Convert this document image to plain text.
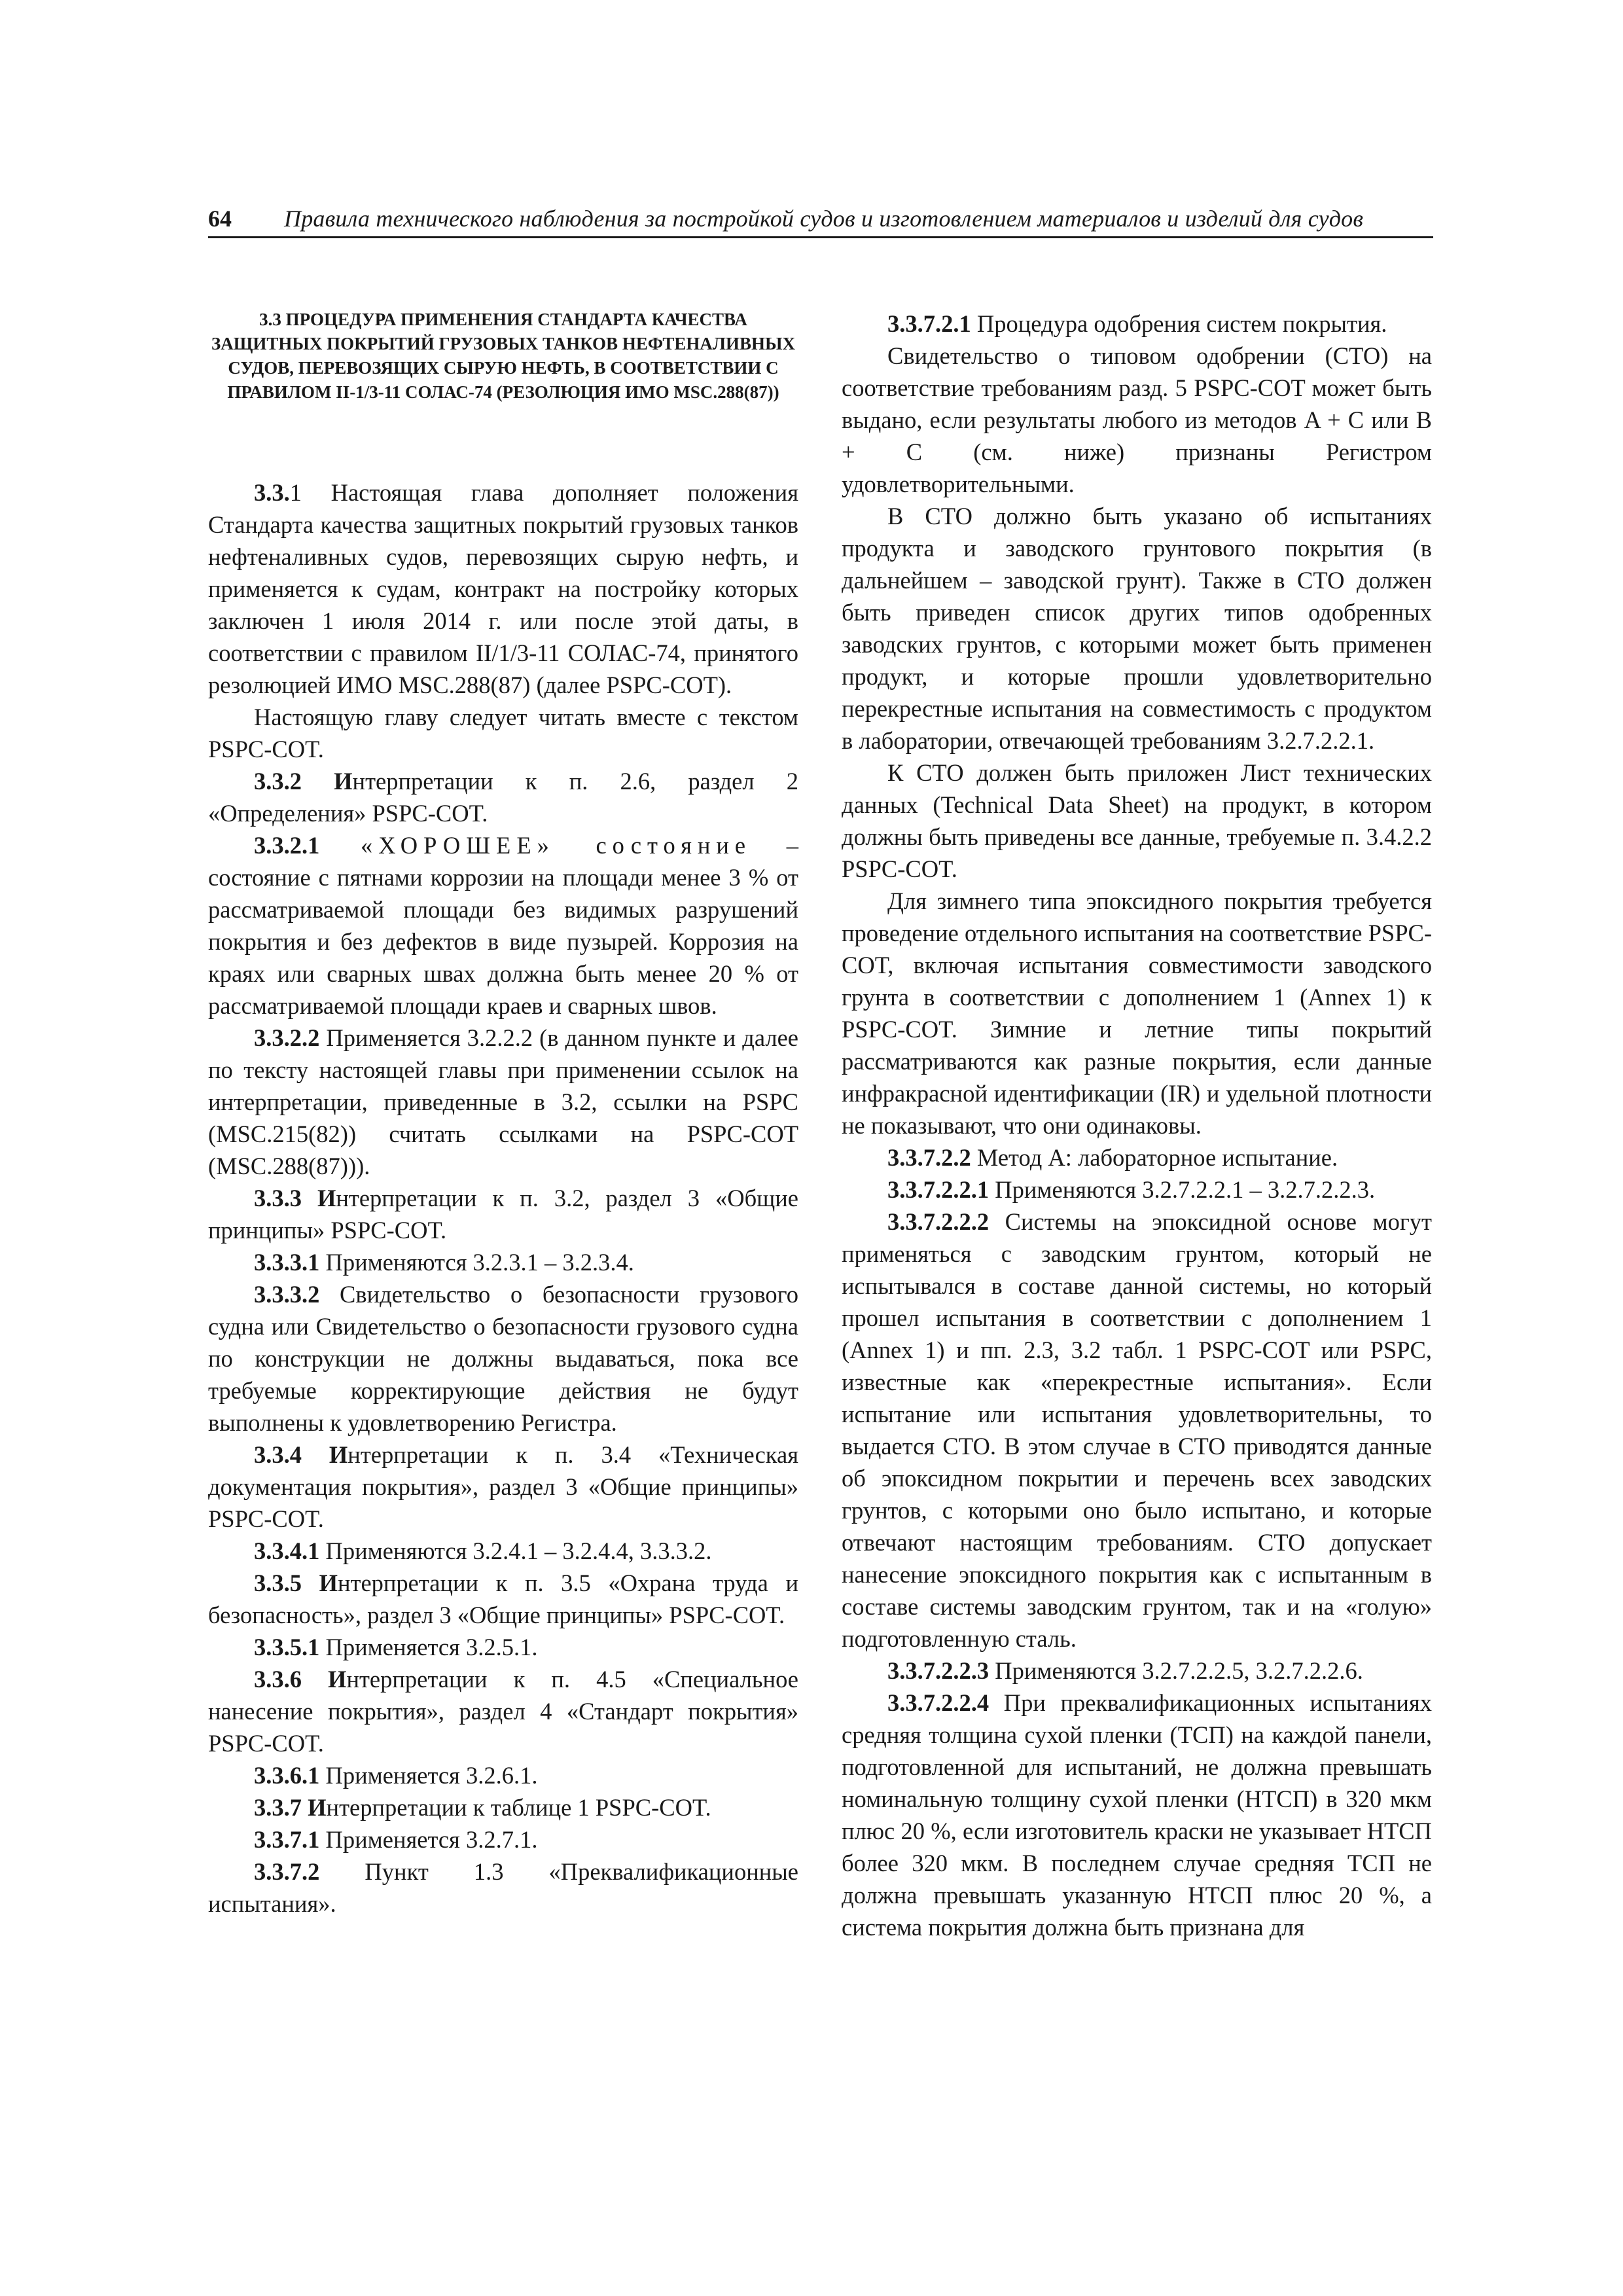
64 Правила технического наблюдения за постройкой судов и изготовлением материалов и изделий для судов
3.3 ПРОЦЕДУРА ПРИМЕНЕНИЯ СТАНДАРТА КАЧЕСТВА ЗАЩИТНЫХ ПОКРЫТИЙ ГРУЗОВЫХ ТАНКОВ НЕФТЕНАЛИВНЫХ СУДОВ, ПЕРЕВОЗЯЩИХ СЫРУЮ НЕФТЬ, В СООТВЕТСТВИИ С ПРАВИЛОМ II-1/3-11 СОЛАС-74 (РЕЗОЛЮЦИЯ ИМО MSC.288(87))

3.3.1 Настоящая глава дополняет положения Стандарта качества защитных покрытий грузовых танков нефтеналивных судов, перевозящих сырую нефть, и применяется к судам, контракт на постройку которых заключен 1 июля 2014 г. или после этой даты, в соответствии с правилом II/1/3-11 СОЛАС-74, принятого резолюцией ИМО MSC.288(87) (далее PSPC-COT).

Настоящую главу следует читать вместе с текстом PSPC-COT.

3.3.2 Интерпретации к п. 2.6, раздел 2 «Определения» PSPC-COT.

3.3.2.1 «ХОРОШЕЕ» состояние – состояние с пятнами коррозии на площади менее 3 % от рассматриваемой площади без видимых разрушений покрытия и без дефектов в виде пузырей. Коррозия на краях или сварных швах должна быть менее 20 % от рассматриваемой площади краев и сварных швов.

3.3.2.2 Применяется 3.2.2.2 (в данном пункте и далее по тексту настоящей главы при применении ссылок на интерпретации, приведенные в 3.2, ссылки на PSPC (MSC.215(82)) считать ссылками на PSPC-COT (MSC.288(87))).

3.3.3 Интерпретации к п. 3.2, раздел 3 «Общие принципы» PSPC-COT.

3.3.3.1 Применяются 3.2.3.1 – 3.2.3.4.

3.3.3.2 Свидетельство о безопасности грузового судна или Свидетельство о безопасности грузового судна по конструкции не должны выдаваться, пока все требуемые корректирующие действия не будут выполнены к удовлетворению Регистра.

3.3.4 Интерпретации к п. 3.4 «Техническая документация покрытия», раздел 3 «Общие принципы» PSPC-COT.

3.3.4.1 Применяются 3.2.4.1 – 3.2.4.4, 3.3.3.2.

3.3.5 Интерпретации к п. 3.5 «Охрана труда и безопасность», раздел 3 «Общие принципы» PSPC-COT.

3.3.5.1 Применяется 3.2.5.1.

3.3.6 Интерпретации к п. 4.5 «Специальное нанесение покрытия», раздел 4 «Стандарт покрытия» PSPC-COT.

3.3.6.1 Применяется 3.2.6.1.

3.3.7 Интерпретации к таблице 1 PSPC-COT.

3.3.7.1 Применяется 3.2.7.1.

3.3.7.2 Пункт 1.3 «Преквалификационные испытания».

3.3.7.2.1 Процедура одобрения систем покрытия.

Свидетельство о типовом одобрении (СТО) на соответствие требованиям разд. 5 PSPC-COT может быть выдано, если результаты любого из методов A + C или B + C (см. ниже) признаны Регистром удовлетворительными.

В СТО должно быть указано об испытаниях продукта и заводского грунтового покрытия (в дальнейшем – заводской грунт). Также в СТО должен быть приведен список других типов одобренных заводских грунтов, с которыми может быть применен продукт, и которые прошли удовлетворительно перекрестные испытания на совместимость с продуктом в лаборатории, отвечающей требованиям 3.2.7.2.2.1.

К СТО должен быть приложен Лист технических данных (Technical Data Sheet) на продукт, в котором должны быть приведены все данные, требуемые п. 3.4.2.2 PSPC-COT.

Для зимнего типа эпоксидного покрытия требуется проведение отдельного испытания на соответствие PSPC-COT, включая испытания совместимости заводского грунта в соответствии с дополнением 1 (Annex 1) к PSPC-COT. Зимние и летние типы покрытий рассматриваются как разные покрытия, если данные инфракрасной идентификации (IR) и удельной плотности не показывают, что они одинаковы.

3.3.7.2.2 Метод А: лабораторное испытание.

3.3.7.2.2.1 Применяются 3.2.7.2.2.1 – 3.2.7.2.2.3.

3.3.7.2.2.2 Системы на эпоксидной основе могут применяться с заводским грунтом, который не испытывался в составе данной системы, но который прошел испытания в соответствии с дополнением 1 (Annex 1) и пп. 2.3, 3.2 табл. 1 PSPC-COT или PSPC, известные как «перекрестные испытания». Если испытание или испытания удовлетворительны, то выдается СТО. В этом случае в СТО приводятся данные об эпоксидном покрытии и перечень всех заводских грунтов, с которыми оно было испытано, и которые отвечают настоящим требованиям. СТО допускает нанесение эпоксидного покрытия как с испытанным в составе системы заводским грунтом, так и на «голую» подготовленную сталь.

3.3.7.2.2.3 Применяются 3.2.7.2.2.5, 3.2.7.2.2.6.

3.3.7.2.2.4 При преквалификационных испытаниях средняя толщина сухой пленки (ТСП) на каждой панели, подготовленной для испытаний, не должна превышать номинальную толщину сухой пленки (НТСП) в 320 мкм плюс 20 %, если изготовитель краски не указывает НТСП более 320 мкм. В последнем случае средняя ТСП не должна превышать указанную НТСП плюс 20 %, а система покрытия должна быть признана для
